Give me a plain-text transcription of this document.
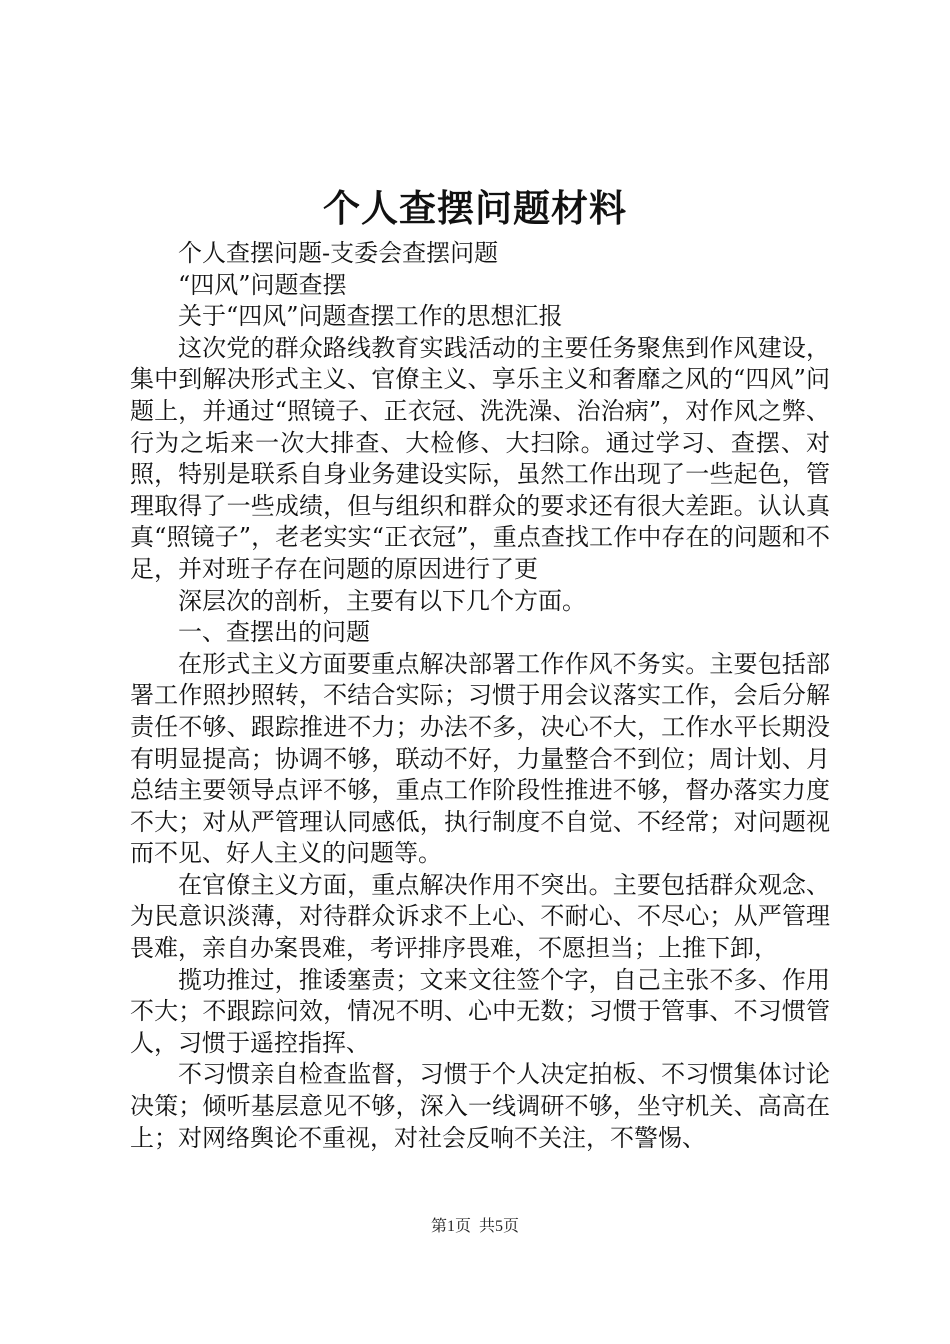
个人查摆问题材料

个人查摆问题-支委会查摆问题

“四风”问题查摆

关于“四风”问题查摆工作的思想汇报

这次党的群众路线教育实践活动的主要任务聚焦到作风建设，集中到解决形式主义、官僚主义、享乐主义和奢靡之风的“四风”问题上，并通过“照镜子、正衣冠、洗洗澡、治治病”，对作风之弊、行为之垢来一次大排查、大检修、大扫除。通过学习、查摆、对照，特别是联系自身业务建设实际，虽然工作出现了一些起色，管理取得了一些成绩，但与组织和群众的要求还有很大差距。认认真真“照镜子”，老老实实“正衣冠”，重点查找工作中存在的问题和不足，并对班子存在问题的原因进行了更

深层次的剖析，主要有以下几个方面。

一、查摆出的问题

在形式主义方面要重点解决部署工作作风不务实。主要包括部署工作照抄照转，不结合实际；习惯于用会议落实工作，会后分解责任不够、跟踪推进不力；办法不多，决心不大，工作水平长期没有明显提高；协调不够，联动不好，力量整合不到位；周计划、月总结主要领导点评不够，重点工作阶段性推进不够，督办落实力度不大；对从严管理认同感低，执行制度不自觉、不经常；对问题视而不见、好人主义的问题等。

在官僚主义方面，重点解决作用不突出。主要包括群众观念、为民意识淡薄，对待群众诉求不上心、不耐心、不尽心；从严管理畏难，亲自办案畏难，考评排序畏难，不愿担当；上推下卸，

揽功推过，推诿塞责；文来文往签个字，自己主张不多、作用不大；不跟踪问效，情况不明、心中无数；习惯于管事、不习惯管人，习惯于遥控指挥、

不习惯亲自检查监督，习惯于个人决定拍板、不习惯集体讨论决策；倾听基层意见不够，深入一线调研不够，坐守机关、高高在上；对网络舆论不重视，对社会反响不关注，不警惕、

第1页 共5页
